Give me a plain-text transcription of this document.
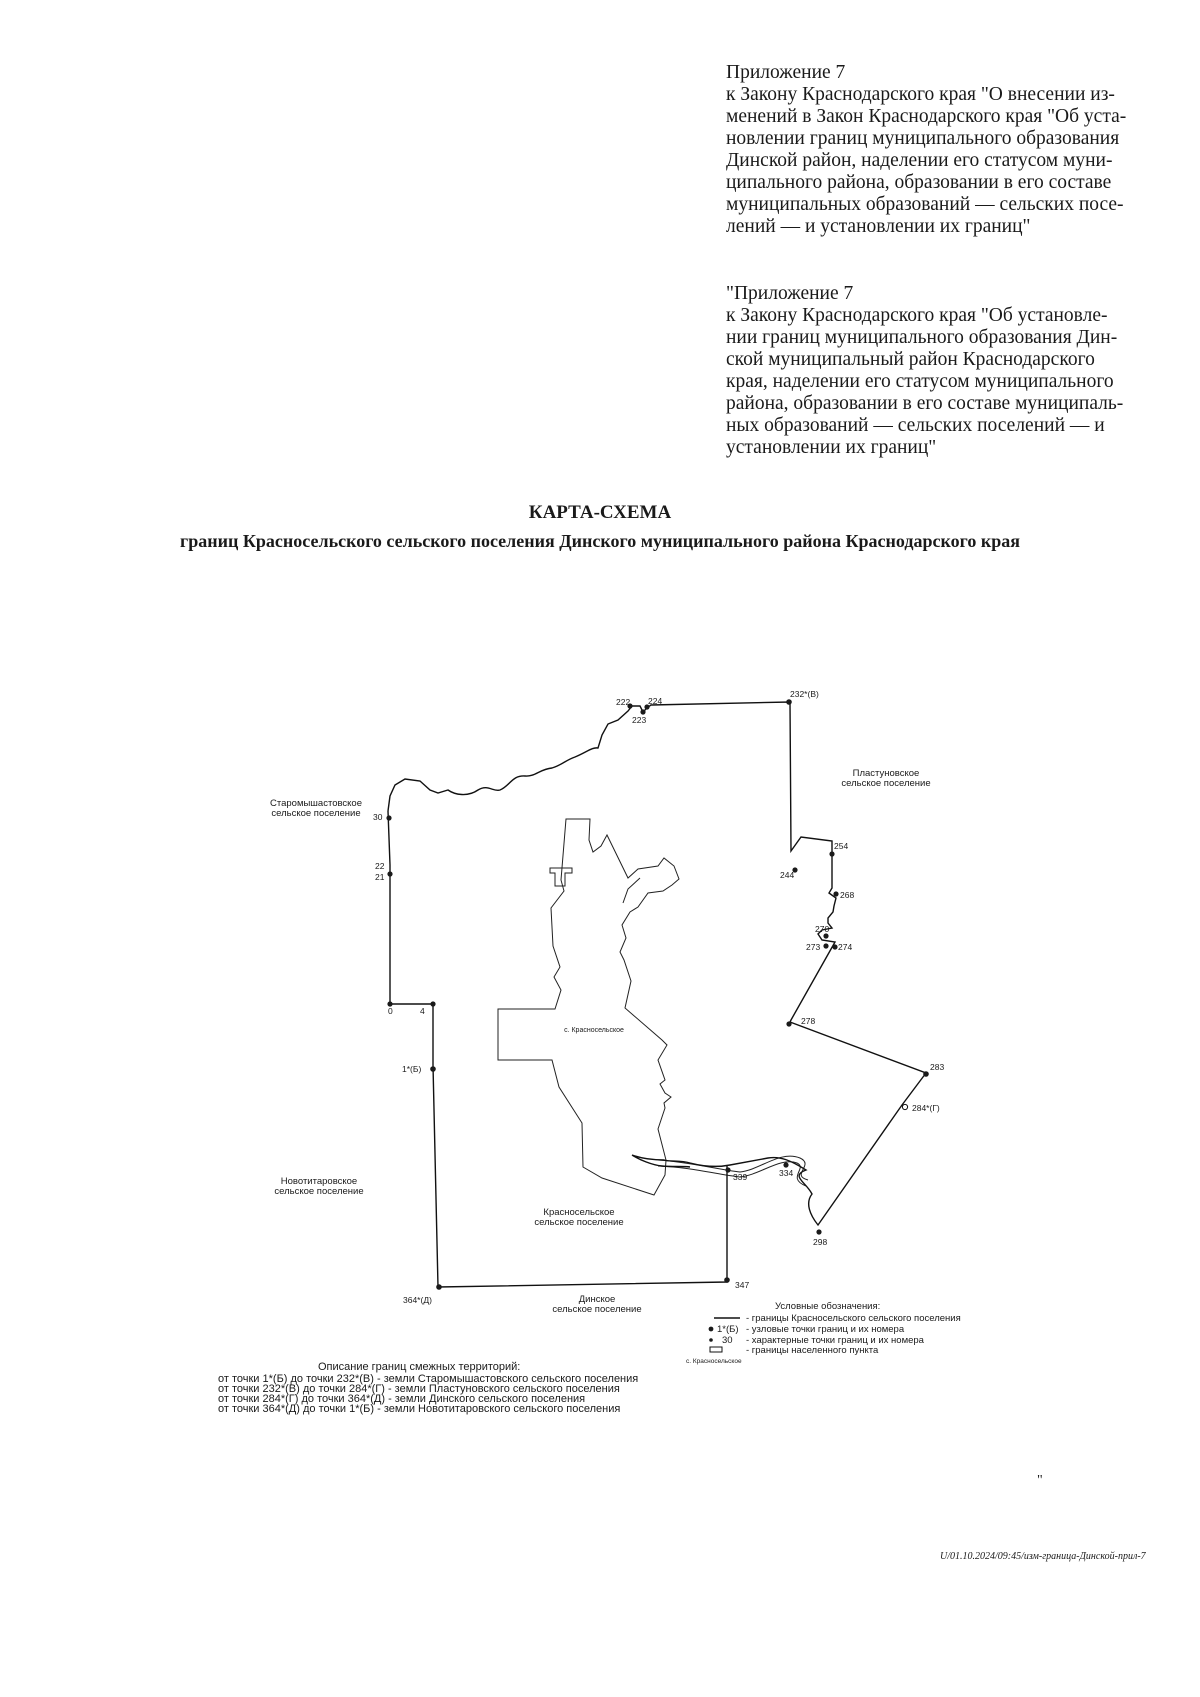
Приложение 7
к Закону Краснодарского края "О внесении из-
менений в Закон Краснодарского края "Об уста-
новлении границ муниципального образования
Динской район, наделении его статусом муни-
ципального района, образовании в его составе
муниципальных образований — сельских посе-
лений — и установлении их границ"
"Приложение 7
к Закону Краснодарского края "Об установле-
нии границ муниципального образования Дин-
ской муниципальный район Краснодарского
края, наделении его статусом муниципального
района, образовании в его составе муниципаль-
ных образований — сельских поселений — и
установлении их границ"
КАРТА-СХЕМА
границ Красносельского сельского поселения Динского муниципального района Краснодарского края
222
223
224
232*(В)
30
22
21
0	4
1*(Б)
254
244
268
270
273 274
278
283
284*(Г)
298
334
339
347
364*(Д)
Старомышастовское
сельское поселение
Пластуновское
сельское поселение
Новотитаровское
сельское поселение
Красносельское
сельское поселение
Динское
сельское поселение
с. Красносельское
Условные обозначения:
- границы Красносельского сельского поселения
1*(Б) - узловые точки границ и их номера
30 - характерные точки границ и их номера
- границы населенного пункта
с. Красносельское
Описание границ смежных территорий:
от точки 1*(Б) до точки 232*(В) - земли Старомышастовского сельского поселения
от точки 232*(В) до точки 284*(Г) - земли Пластуновского сельского поселения
от точки 284*(Г) до точки 364*(Д) - земли Динского сельского поселения
от точки 364*(Д) до точки 1*(Б) - земли Новотитаровского сельского поселения
"
U/01.10.2024/09:45/изм-граница-Динской-прил-7
